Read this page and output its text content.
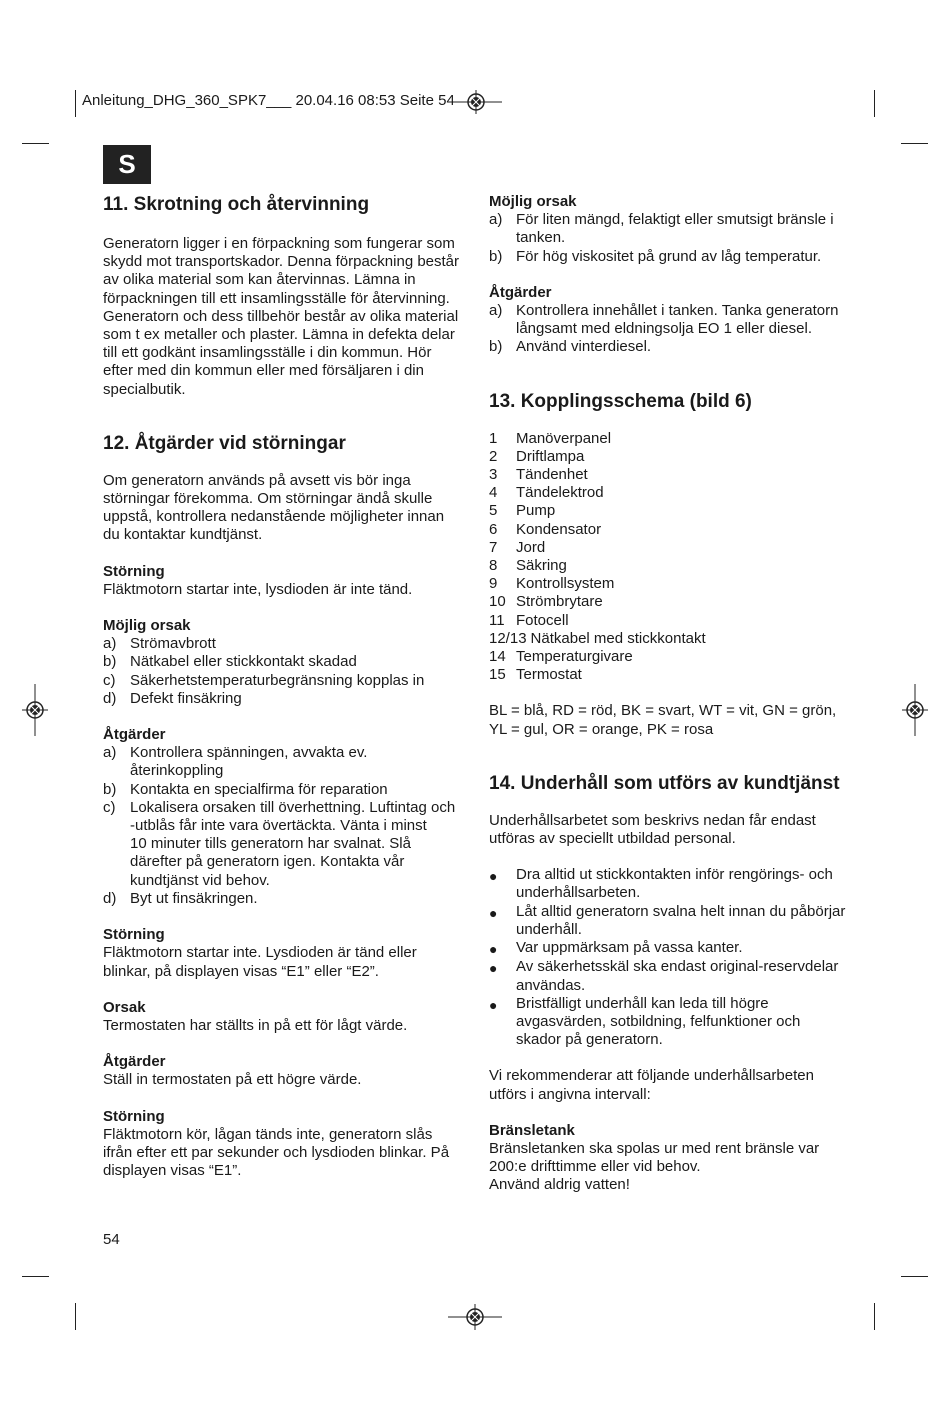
Anleitung_DHG_360_SPK7___ 20.04.16 08:53 Seite 54
S
11. Skrotning och återvinning

Generatorn ligger i en förpackning som fungerar som

skydd mot transportskador. Denna förpackning består

av olika material som kan återvinnas. Lämna in

förpackningen till ett insamlingsställe för återvinning.

Generatorn och dess tillbehör består av olika material

som t ex metaller och plaster. Lämna in defekta delar

till ett godkänt insamlingsställe i din kommun. Hör

efter med din kommun eller med försäljaren i din

specialbutik.

12. Åtgärder vid störningar

Om generatorn används på avsett vis bör inga

störningar förekomma. Om störningar ändå skulle

uppstå, kontrollera nedanstående möjligheter innan

du kontaktar kundtjänst.

Störning

Fläktmotorn startar inte, lysdioden är inte tänd.

Möjlig orsak

a) Strömavbrott
b) Nätkabel eller stickkontakt skadad
c) Säkerhetstemperaturbegränsning kopplas in
d) Defekt finsäkring

Åtgärder

a) Kontrollera spänningen, avvakta ev.
återinkoppling
b) Kontakta en specialfirma för reparation
c) Lokalisera orsaken till överhettning. Luftintag och
-utblås får inte vara övertäckta. Vänta i minst
10 minuter tills generatorn har svalnat. Slå
därefter på generatorn igen. Kontakta vår
kundtjänst vid behov.
d) Byt ut finsäkringen.

Störning

Fläktmotorn startar inte. Lysdioden är tänd eller

blinkar, på displayen visas “E1” eller “E2”.

Orsak

Termostaten har ställts in på ett för lågt värde.

Åtgärder

Ställ in termostaten på ett högre värde.

Störning

Fläktmotorn kör, lågan tänds inte, generatorn slås

ifrån efter ett par sekunder och lysdioden blinkar. På

displayen visas “E1”.

Möjlig orsak

a) För liten mängd, felaktigt eller smutsigt bränsle i
tanken.
b) För hög viskositet på grund av låg temperatur.

Åtgärder

a) Kontrollera innehållet i tanken. Tanka generatorn
långsamt med eldningsolja EO 1 eller diesel.
b) Använd vinterdiesel.
13. Kopplingsschema (bild 6)
1	Manöverpanel
2	Driftlampa
3	Tändenhet
4	Tändelektrod
5	Pump
6	Kondensator
7	Jord
8	Säkring
9	Kontrollsystem
10 Strömbrytare
11 Fotocell
12/13 Nätkabel med stickkontakt
14 Temperaturgivare
15 Termostat

BL = blå, RD = röd, BK = svart, WT = vit, GN = grön,

YL = gul, OR = orange, PK = rosa

14. Underhåll som utförs av kundtjänst

Underhållsarbetet som beskrivs nedan får endast

utföras av speciellt utbildad personal.

●	Dra alltid ut stickkontakten inför rengörings- och
underhållsarbeten.
●	Låt alltid generatorn svalna helt innan du påbörjar
underhåll.
●	Var uppmärksam på vassa kanter.
●	Av säkerhetsskäl ska endast original-reservdelar
användas.
●	Bristfälligt underhåll kan leda till högre
avgasvärden, sotbildning, felfunktioner och
skador på generatorn.

Vi rekommenderar att följande underhållsarbeten

utförs i angivna intervall:

Bränsletank

Bränsletanken ska spolas ur med rent bränsle var

200:e drifttimme eller vid behov.

Använd aldrig vatten!

54
